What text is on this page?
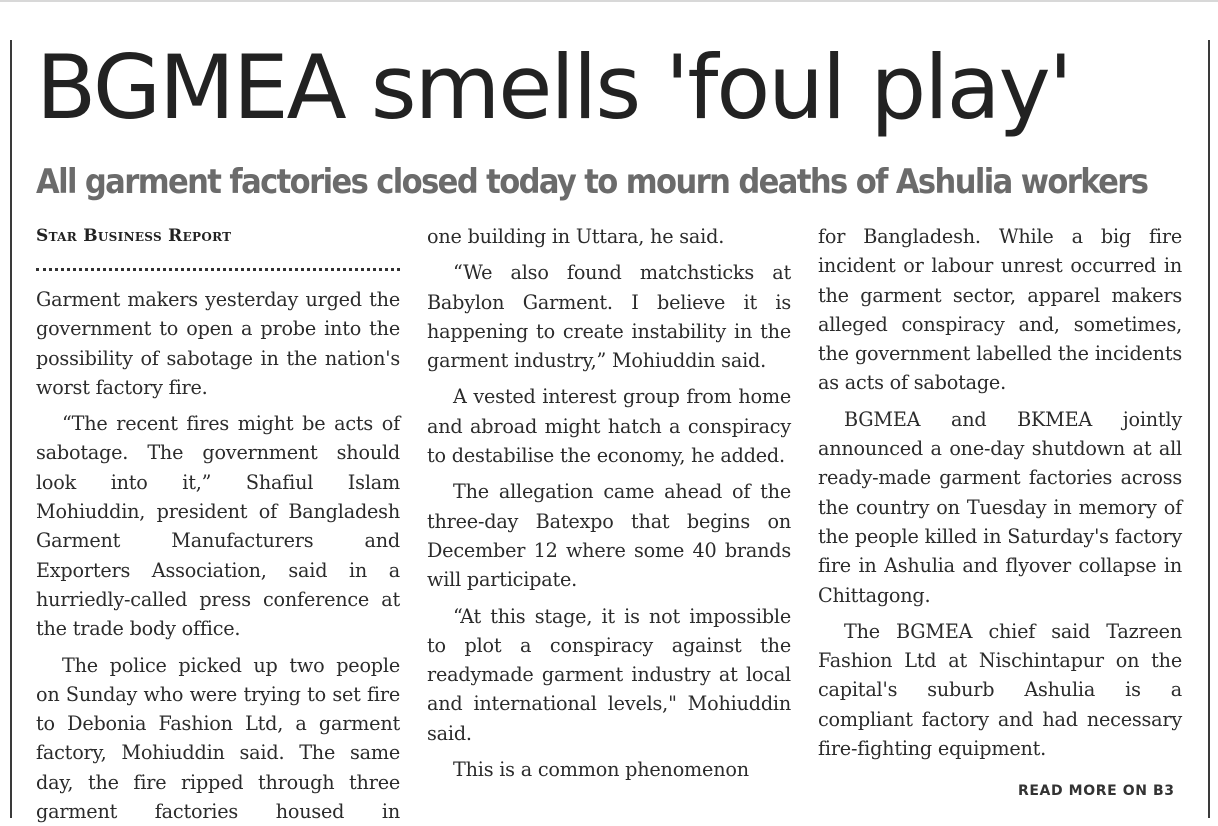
BGMEA smells 'foul play'
All garment factories closed today to mourn deaths of Ashulia workers
Star Business Report

Garment makers yesterday urged the government to open a probe into the possibility of sabotage in the nation's worst factory fire.

“The recent fires might be acts of sabotage. The government should look into it,” Shafiul Islam Mohiuddin, president of Bangladesh Garment Manufacturers and Exporters Association, said in a hurriedly-called press conference at the trade body office.

The police picked up two people on Sunday who were trying to set fire to Debonia Fashion Ltd, a garment factory, Mohiuddin said. The same day, the fire ripped through three garment factories housed in

one building in Uttara, he said.

“We also found matchsticks at Babylon Garment. I believe it is happening to create instability in the garment industry,” Mohiuddin said.

A vested interest group from home and abroad might hatch a conspiracy to destabilise the economy, he added.

The allegation came ahead of the three-day Batexpo that begins on December 12 where some 40 brands will participate.

“At this stage, it is not impossible to plot a conspiracy against the readymade garment industry at local and international levels," Mohiuddin said.

This is a common phenomenon

for Bangladesh. While a big fire incident or labour unrest occurred in the garment sector, apparel makers alleged conspiracy and, sometimes, the government labelled the incidents as acts of sabotage.

BGMEA and BKMEA jointly announced a one-day shutdown at all ready-made garment factories across the country on Tuesday in memory of the people killed in Saturday's factory fire in Ashulia and flyover collapse in Chittagong.

The BGMEA chief said Tazreen Fashion Ltd at Nischintapur on the capital's suburb Ashulia is a compliant factory and had necessary fire-fighting equipment.

READ MORE ON B3
